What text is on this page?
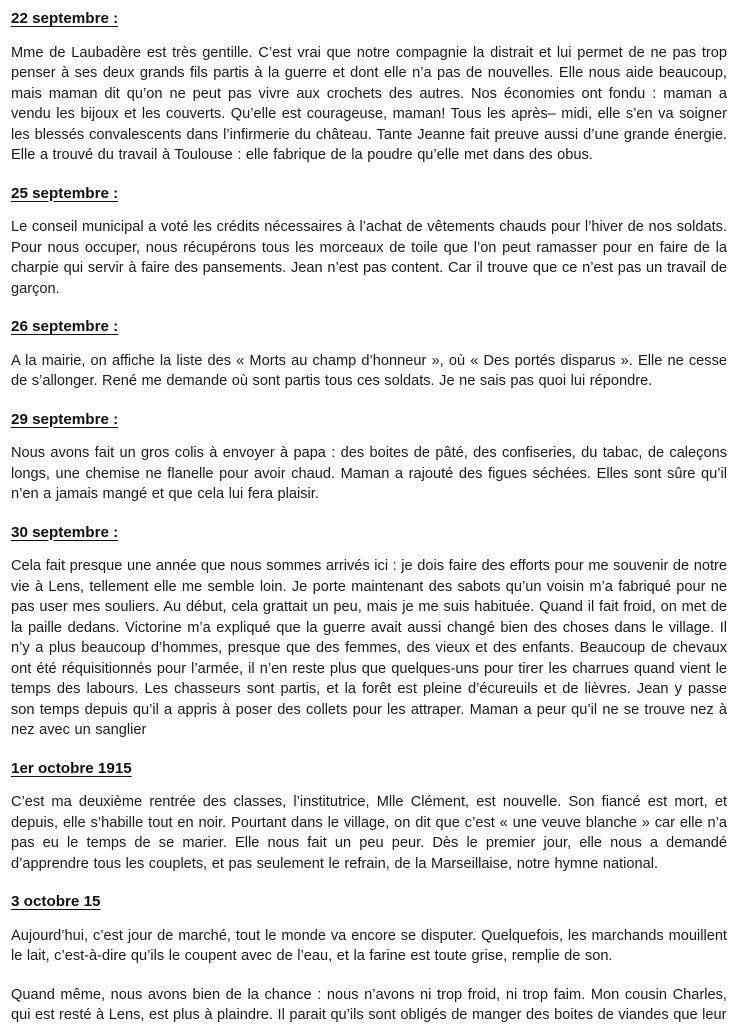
22 septembre :

Mme de Laubadère est très gentille. C’est vrai que notre compagnie la distrait et lui permet de ne pas trop penser à ses deux grands fils partis à la guerre et dont elle n’a pas de nouvelles. Elle nous aide beaucoup, mais maman dit qu’on ne peut pas vivre aux crochets des autres. Nos économies ont fondu : maman a vendu les bijoux et les couverts. Qu’elle est courageuse, maman! Tous les après– midi, elle s’en va soigner les blessés convalescents dans l’infirmerie du château. Tante Jeanne fait preuve aussi d’une grande énergie. Elle a trouvé du travail à Toulouse : elle fabrique de la poudre qu’elle met dans des obus.

25 septembre :

Le conseil municipal a voté les crédits nécessaires à l’achat de vêtements chauds pour l’hiver de nos soldats. Pour nous occuper, nous récupérons tous les morceaux de toile que l’on peut ramasser pour en faire de la charpie qui servir à faire des pansements. Jean n’est pas content. Car il trouve que ce n’est pas un travail de garçon.

26 septembre :

A la mairie, on affiche la liste des « Morts au champ d’honneur », où « Des portés disparus ». Elle ne cesse de s’allonger. René me demande où sont partis tous ces soldats. Je ne sais pas quoi lui répondre.

29 septembre :

Nous avons fait un gros colis à envoyer à papa : des boites de pâté, des confiseries, du tabac, de caleçons longs, une chemise ne flanelle pour avoir chaud. Maman a rajouté des figues séchées. Elles sont sûre qu’il n’en a jamais mangé et que cela lui fera plaisir.

30 septembre :

Cela fait presque une année que nous sommes arrivés ici : je dois faire des efforts pour me souvenir de notre vie à Lens, tellement elle me semble loin. Je porte maintenant des sabots qu’un voisin m’a fabriqué pour ne pas user mes souliers. Au début, cela grattait un peu, mais je me suis habituée. Quand il fait froid, on met de la paille dedans. Victorine m’a expliqué que la guerre avait aussi changé bien des choses dans le village. Il n’y a plus beaucoup d’hommes, presque que des femmes, des vieux et des enfants. Beaucoup de chevaux ont été réquisitionnés pour l’armée, il n’en reste plus que quelques-uns pour tirer les charrues quand vient le temps des labours. Les chasseurs sont partis, et la forêt est pleine d’écureuils et de lièvres. Jean y passe son temps depuis qu’il a appris à poser des collets pour les attraper. Maman a peur qu’il ne se trouve nez à nez avec un sanglier

1er octobre 1915

C’est ma deuxième rentrée des classes, l’institutrice, Mlle Clément, est nouvelle. Son fiancé est mort, et depuis, elle s’habille tout en noir. Pourtant dans le village, on dit que c’est « une veuve blanche » car elle n’a pas eu le temps de se marier. Elle nous fait un peu peur. Dès le premier jour, elle nous a demandé d’apprendre tous les couplets, et pas seulement le refrain, de la Marseillaise, notre hymne national.

3 octobre 15

Aujourd’hui, c’est jour de marché, tout le monde va encore se disputer. Quelquefois, les marchands mouillent le lait, c’est-à-dire qu’ils le coupent avec de l’eau, et la farine est toute grise, remplie de son.

Quand même, nous avons bien de la chance : nous n’avons ni trop froid, ni trop faim. Mon cousin Charles, qui est resté à Lens, est plus à plaindre. Il parait qu’ils sont obligés de manger des boites de viandes que leur
